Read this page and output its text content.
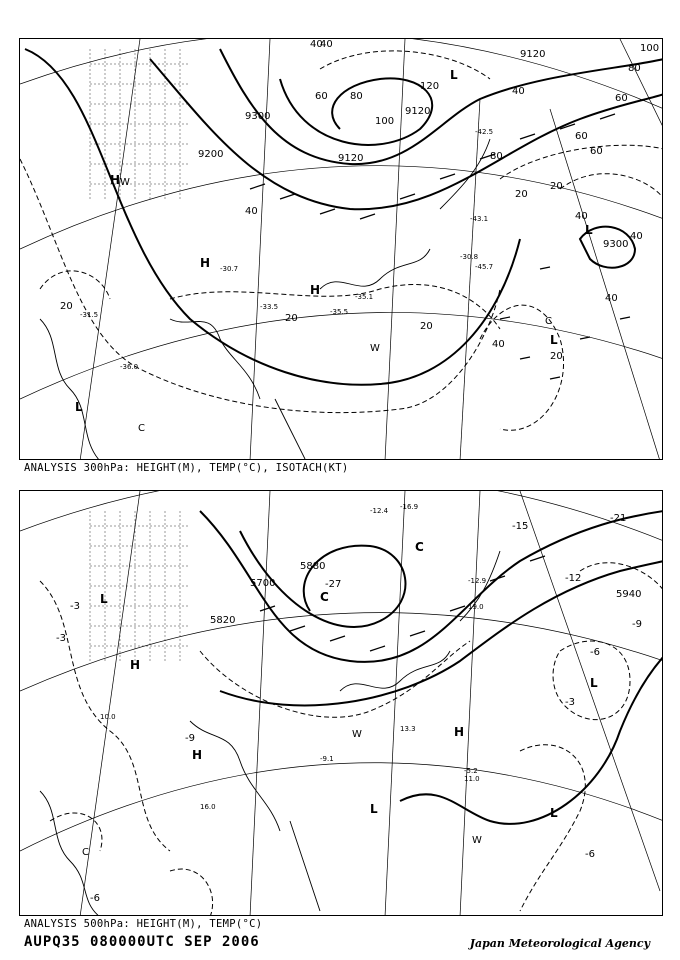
9120
9300
9300
9200
9120
9120
40
60 80
100
120
80
60
40
20
40
20
40
60
80
100
40
40
20
20
20
40
40
20
60
L
L
H
H
H
L
L
C
C
W
W
-30.7
-30.8
-31.5
-33.5
-35.1
-35.5
-36.0
-42.5
-43.1
-45.7
ANALYSIS 300hPa: HEIGHT(M), TEMP(°C), ISOTACH(KT)
5700
5820
5880
5940
-3
-9
-12
-15
-21
-27
-6
-9
-3
-6
-6
-3
C
C
L
L	L
H
H
H
L
C
W
W
-5.2
11.0
-12.9
19.0
-12.4 -16.9
-9.1
13.3
10.0
16.0
ANALYSIS 500hPa: HEIGHT(M), TEMP(°C)
AUPQ35 080000UTC SEP 2006	Japan Meteorological Agency
